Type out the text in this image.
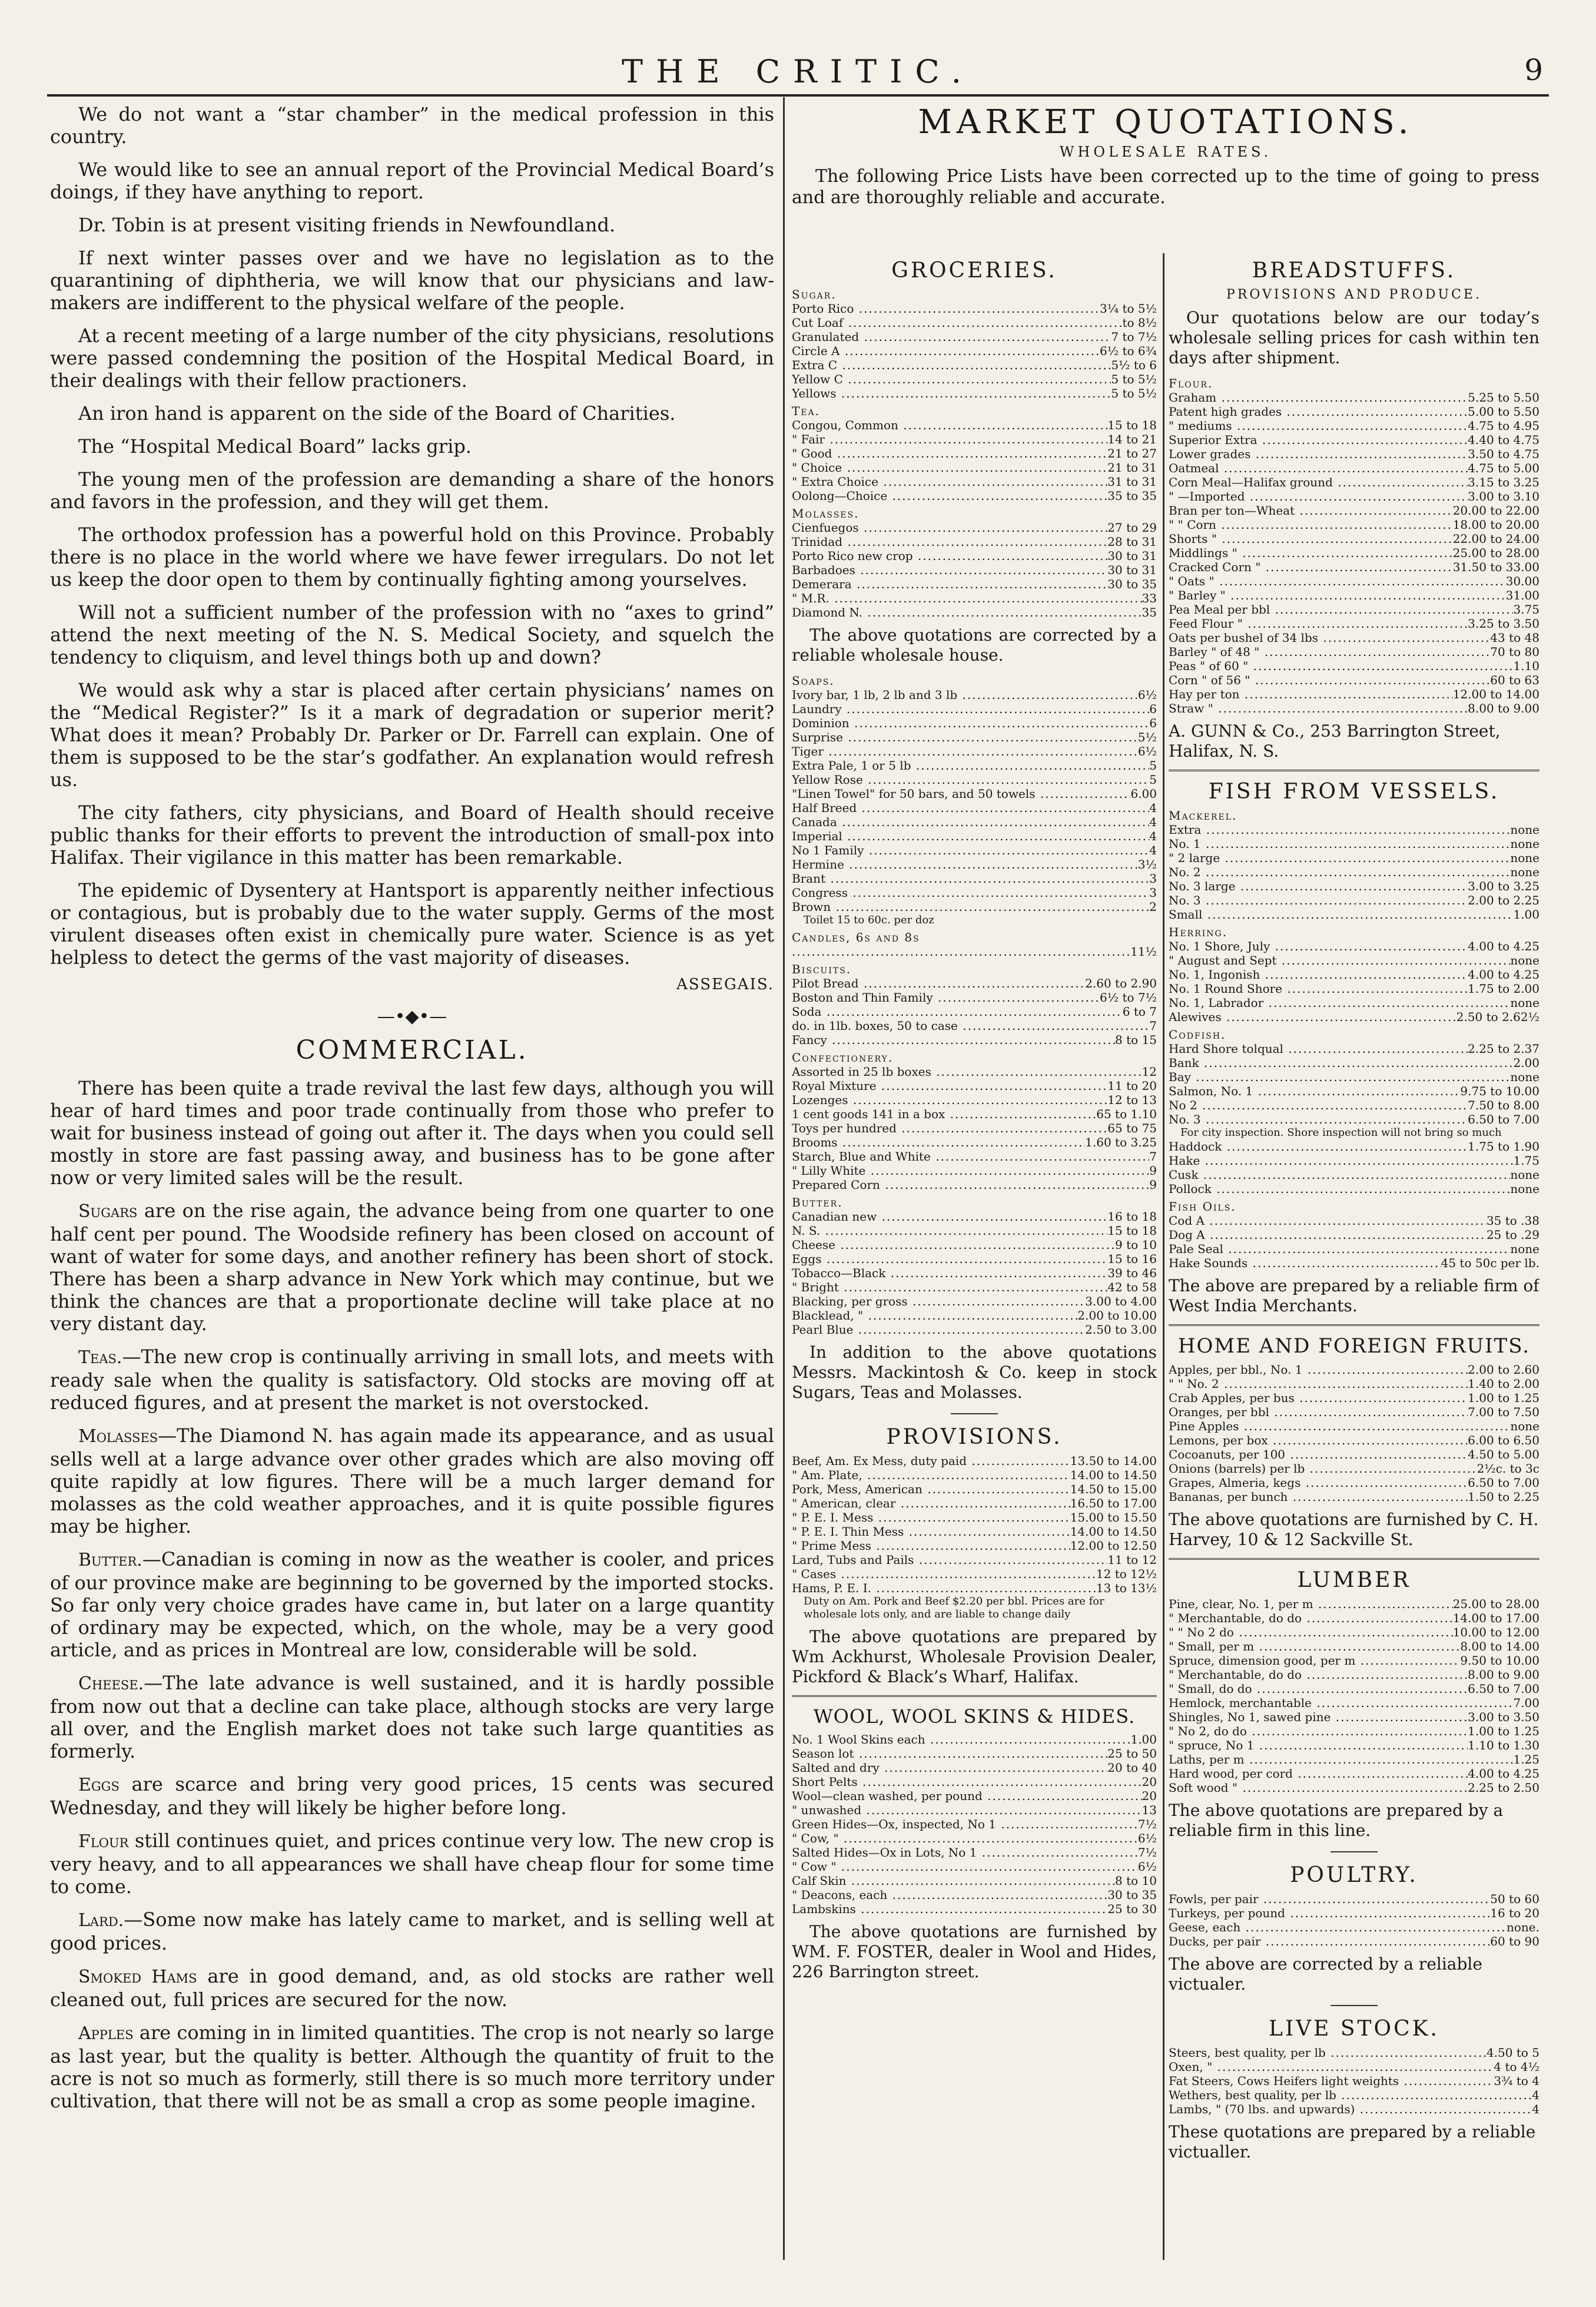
THE CRITIC.	9

We do not want a “star chamber” in the medical profession in this country.

We would like to see an annual report of the Provincial Medical Board’s doings, if they have anything to report.

Dr. Tobin is at present visiting friends in Newfoundland.

If next winter passes over and we have no legislation as to the quarantining of diphtheria, we will know that our physicians and law-makers are indifferent to the physical welfare of the people.

At a recent meeting of a large number of the city physicians, resolutions were passed condemning the position of the Hospital Medical Board, in their dealings with their fellow practioners.

An iron hand is apparent on the side of the Board of Charities.

The “Hospital Medical Board” lacks grip.

The young men of the profession are demanding a share of the honors and favors in the profession, and they will get them.

The orthodox profession has a powerful hold on this Province. Probably there is no place in the world where we have fewer irregulars. Do not let us keep the door open to them by continually fighting among yourselves.

Will not a sufficient number of the profession with no “axes to grind” attend the next meeting of the N. S. Medical Society, and squelch the tendency to cliquism, and level things both up and down?

We would ask why a star is placed after certain physicians’ names on the “Medical Register?” Is it a mark of degradation or superior merit? What does it mean? Probably Dr. Parker or Dr. Farrell can explain. One of them is supposed to be the star’s godfather. An explanation would refresh us.

The city fathers, city physicians, and Board of Health should receive public thanks for their efforts to prevent the introduction of small-pox into Halifax. Their vigilance in this matter has been remarkable.

The epidemic of Dysentery at Hantsport is apparently neither infectious or contagious, but is probably due to the water supply. Germs of the most virulent diseases often exist in chemically pure water. Science is as yet helpless to detect the germs of the vast majority of diseases.

ASSEGAIS.

—•◆•—
COMMERCIAL.

There has been quite a trade revival the last few days, although you will hear of hard times and poor trade continually from those who prefer to wait for business instead of going out after it. The days when you could sell mostly in store are fast passing away, and business has to be gone after now or very limited sales will be the result.

Sugars are on the rise again, the advance being from one quarter to one half cent per pound. The Woodside refinery has been closed on account of want of water for some days, and another refinery has been short of stock. There has been a sharp advance in New York which may continue, but we think the chances are that a proportionate decline will take place at no very distant day.

Teas.—The new crop is continually arriving in small lots, and meets with ready sale when the quality is satisfactory. Old stocks are moving off at reduced figures, and at present the market is not overstocked.

Molasses—The Diamond N. has again made its appearance, and as usual sells well at a large advance over other grades which are also moving off quite rapidly at low figures. There will be a much larger demand for molasses as the cold weather approaches, and it is quite possible figures may be higher.

Butter.—Canadian is coming in now as the weather is cooler, and prices of our province make are beginning to be governed by the imported stocks. So far only very choice grades have came in, but later on a large quantity of ordinary may be expected, which, on the whole, may be a very good article, and as prices in Montreal are low, considerable will be sold.

Cheese.—The late advance is well sustained, and it is hardly possible from now out that a decline can take place, although stocks are very large all over, and the English market does not take such large quantities as formerly.

Eggs are scarce and bring very good prices, 15 cents was secured Wednesday, and they will likely be higher before long.

Flour still continues quiet, and prices continue very low. The new crop is very heavy, and to all appearances we shall have cheap flour for some time to come.

Lard.—Some now make has lately came to market, and is selling well at good prices.

Smoked Hams are in good demand, and, as old stocks are rather well cleaned out, full prices are secured for the now.

Apples are coming in in limited quantities. The crop is not nearly so large as last year, but the quality is better. Although the quantity of fruit to the acre is not so much as formerly, still there is so much more territory under cultivation, that there will not be as small a crop as some people imagine.

MARKET QUOTATIONS.
WHOLESALE RATES.
The following Price Lists have been corrected up to the time of going to press and are thoroughly reliable and accurate.
GROCERIES.
Sugar.
Porto Rico .....	3¼ to 5½
Cut Loaf .....	to 8½
Granulated .....	7 to 7½
Circle A .....	6½ to 6¾
Extra C .....	5½ to 6
Yellow C .....	5 to 5½
Yellows .....	5 to 5½
Tea.
Congou, Common .....	15 to 18
" Fair .....	14 to 21
" Good .....	21 to 27
" Choice .....	21 to 31
" Extra Choice .....	31 to 31
Oolong—Choice .....	35 to 35
Molasses.
Cienfuegos .....	27 to 29
Trinidad .....	28 to 31
Porto Rico new crop .....	30 to 31
Barbadoes .....	30 to 31
Demerara .....	30 to 35
" M.R. .....	33
Diamond N. .....	35
The above quotations are corrected by a reliable wholesale house.
Soaps.
Ivory bar, 1 lb, 2 lb and 3 lb .....	6½
Laundry .....	6
Dominion .....	6
Surprise .....	5½
Tiger .....	6½
Extra Pale, 1 or 5 lb .....	5
Yellow Rose .....	5
"Linen Towel" for 50 bars, and 50 towels .....	6.00
Half Breed .....	4
Canada .....	4
Imperial .....	4
No 1 Family .....	4
Hermine .....	3½
Brant .....	3
Congress .....	3
Brown .....	2
Toilet 15 to 60c. per doz
Candles, 6s and 8s
.....
11½
Biscuits.
Pilot Bread .....	2.60 to 2.90
Boston and Thin Family .....	6½ to 7½
Soda .....	6 to 7
do. in 1lb. boxes, 50 to case .....	7
Fancy .....	8 to 15
Confectionery.
Assorted in 25 lb boxes .....	12
Royal Mixture .....	11 to 20
Lozenges .....	12 to 13
1 cent goods 141 in a box .....	65 to 1.10
Toys per hundred .....	65 to 75
Brooms .....	1.60 to 3.25
Starch, Blue and White .....	7
" Lilly White .....	9
Prepared Corn .....	9
Butter.
Canadian new .....	16 to 18
N. S. .....	15 to 18
Cheese .....	9 to 10
Eggs .....	15 to 16
Tobacco—Black .....	39 to 46
" Bright .....	42 to 58
Blacking, per gross .....	3.00 to 4.00
Blacklead, " .....	2.00 to 10.00
Pearl Blue .....	2.50 to 3.00
In addition to the above quotations Messrs. Mackintosh & Co. keep in stock Sugars, Teas and Molasses.
PROVISIONS.
Beef, Am. Ex Mess, duty paid .....	13.50 to 14.00
" Am. Plate, .....	14.00 to 14.50
Pork, Mess, American .....	14.50 to 15.00
" American, clear .....	16.50 to 17.00
" P. E. I. Mess .....	15.00 to 15.50
" P. E. I. Thin Mess .....	14.00 to 14.50
" Prime Mess .....	12.00 to 12.50
Lard, Tubs and Pails .....	11 to 12
" Cases .....	12 to 12½
Hams, P. E. I. .....	13 to 13½
Duty on Am. Pork and Beef $2.20 per bbl. Prices are for wholesale lots only, and are liable to change daily
The above quotations are prepared by Wm Ackhurst, Wholesale Provision Dealer, Pickford & Black’s Wharf, Halifax.
WOOL, WOOL SKINS & HIDES.
No. 1 Wool Skins each .....	1.00
Season lot .....	25 to 50
Salted and dry .....	20 to 40
Short Pelts .....	20
Wool—clean washed, per pound .....	20
" unwashed .....	13
Green Hides—Ox, inspected, No 1 .....	7½
" Cow, " .....	6½
Salted Hides—Ox in Lots, No 1 .....	7½
" Cow " .....	6½
Calf Skin .....	8 to 10
" Deacons, each .....	30 to 35
Lambskins .....	25 to 30
The above quotations are furnished by WM. F. FOSTER, dealer in Wool and Hides, 226 Barrington street.
BREADSTUFFS.
PROVISIONS AND PRODUCE.
Our quotations below are our today’s wholesale selling prices for cash within ten days after shipment.
Flour.
Graham .....	5.25 to 5.50
Patent high grades .....	5.00 to 5.50
" mediums .....	4.75 to 4.95
Superior Extra .....	4.40 to 4.75
Lower grades .....	3.50 to 4.75
Oatmeal .....	4.75 to 5.00
Corn Meal—Halifax ground .....	3.15 to 3.25
" —Imported .....	3.00 to 3.10
Bran per ton—Wheat .....	20.00 to 22.00
" " Corn .....	18.00 to 20.00
Shorts " .....	22.00 to 24.00
Middlings " .....	25.00 to 28.00
Cracked Corn " .....	31.50 to 33.00
" Oats " .....	30.00
" Barley " .....	31.00
Pea Meal per bbl .....	3.75
Feed Flour " .....	3.25 to 3.50
Oats per bushel of 34 lbs .....	43 to 48
Barley " of 48 " .....	70 to 80
Peas " of 60 " .....	1.10
Corn " of 56 " .....	60 to 63
Hay per ton .....	12.00 to 14.00
Straw " .....	8.00 to 9.00
A. GUNN & Co., 253 Barrington Street, Halifax, N. S.
FISH FROM VESSELS.
Mackerel.
Extra .....	none
No. 1 .....	none
" 2 large .....	none
No. 2 .....	none
No. 3 large .....	3.00 to 3.25
No. 3 .....	2.00 to 2.25
Small .....	1.00
Herring.
No. 1 Shore, July .....	4.00 to 4.25
" August and Sept .....	none
No. 1, Ingonish .....	4.00 to 4.25
No. 1 Round Shore .....	1.75 to 2.00
No. 1, Labrador .....	none
Alewives .....	2.50 to 2.62½
Codfish.
Hard Shore tolqual .....	2.25 to 2.37
Bank .....	2.00
Bay .....	none
Salmon, No. 1 .....	9.75 to 10.00
No 2 .....	7.50 to 8.00
No. 3 .....	6.50 to 7.00
For city inspection. Shore inspection will not bring so much
Haddock .....	1.75 to 1.90
Hake .....	1.75
Cusk .....	none
Pollock .....	none
Fish Oils.
Cod A .....	35 to .38
Dog A .....	25 to .29
Pale Seal .....	none
Hake Sounds .....	45 to 50c per lb.
The above are prepared by a reliable firm of West India Merchants.
HOME AND FOREIGN FRUITS.
Apples, per bbl., No. 1 .....	2.00 to 2.60
" " No. 2 .....	1.40 to 2.00
Crab Apples, per bus .....	1.00 to 1.25
Oranges, per bbl .....	7.00 to 7.50
Pine Apples .....	none
Lemons, per box .....	6.00 to 6.50
Cocoanuts, per 100 .....	4.50 to 5.00
Onions (barrels) per lb .....	2½c. to 3c
Grapes, Almeria, kegs .....	6.50 to 7.00
Bananas, per bunch .....	1.50 to 2.25
The above quotations are furnished by C. H. Harvey, 10 & 12 Sackville St.
LUMBER
Pine, clear, No. 1, per m .....	25.00 to 28.00
" Merchantable, do do .....	14.00 to 17.00
" " No 2 do .....	10.00 to 12.00
" Small, per m .....	8.00 to 14.00
Spruce, dimension good, per m .....	9.50 to 10.00
" Merchantable, do do .....	8.00 to 9.00
" Small, do do .....	6.50 to 7.00
Hemlock, merchantable .....	7.00
Shingles, No 1, sawed pine .....	3.00 to 3.50
" No 2, do do .....	1.00 to 1.25
" spruce, No 1 .....	1.10 to 1.30
Laths, per m .....	1.25
Hard wood, per cord .....	4.00 to 4.25
Soft wood " .....	2.25 to 2.50
The above quotations are prepared by a reliable firm in this line.
POULTRY.
Fowls, per pair .....	50 to 60
Turkeys, per pound .....	16 to 20
Geese, each .....	none.
Ducks, per pair .....	60 to 90
The above are corrected by a reliable victualer.
LIVE STOCK.
Steers, best quality, per lb .....	4.50 to 5
Oxen, " .....	4 to 4½
Fat Steers, Cows Heifers light weights .....	3¾ to 4
Wethers, best quality, per lb .....	4
Lambs, " (70 lbs. and upwards) .....	4
These quotations are prepared by a reliable victualler.
